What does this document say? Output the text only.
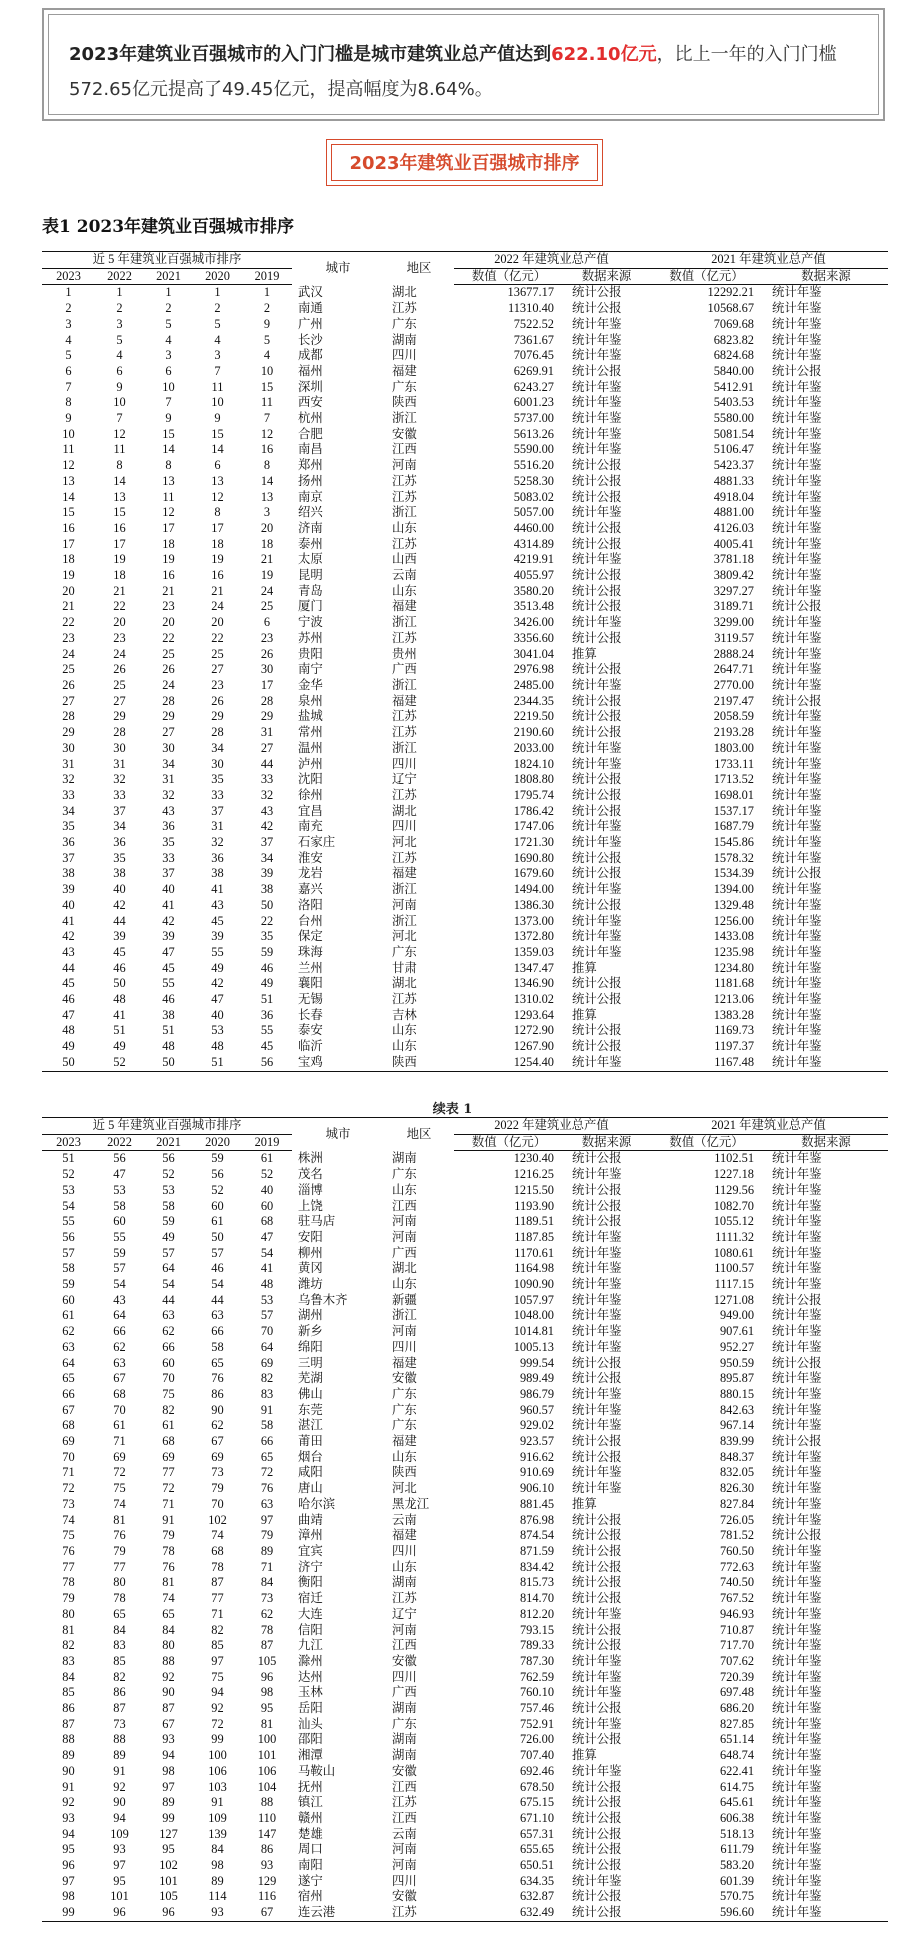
2023年建筑业百强城市的入门门槛是城市建筑业总产值达到622.10亿元，比上一年的入门门槛572.65亿元提高了49.45亿元，提高幅度为8.64%。
2023年建筑业百强城市排序
表1 2023年建筑业百强城市排序
近 5 年建筑业百强城市排序					城市	地区	2022 年建筑业总产值		2021 年建筑业总产值	
2023	2022	2021	2020	2019			数值（亿元）	数据来源	数值（亿元）	数据来源
1	1	1	1	1	武汉	湖北	13677.17	统计公报	12292.21	统计年鉴
2	2	2	2	2	南通	江苏	11310.40	统计公报	10568.67	统计年鉴
3	3	5	5	9	广州	广东	7522.52	统计年鉴	7069.68	统计年鉴
4	5	4	4	5	长沙	湖南	7361.67	统计年鉴	6823.82	统计年鉴
5	4	3	3	4	成都	四川	7076.45	统计年鉴	6824.68	统计年鉴
6	6	6	7	10	福州	福建	6269.91	统计公报	5840.00	统计公报
7	9	10	11	15	深圳	广东	6243.27	统计年鉴	5412.91	统计年鉴
8	10	7	10	11	西安	陕西	6001.23	统计年鉴	5403.53	统计年鉴
9	7	9	9	7	杭州	浙江	5737.00	统计年鉴	5580.00	统计年鉴
10	12	15	15	12	合肥	安徽	5613.26	统计年鉴	5081.54	统计年鉴
11	11	14	14	16	南昌	江西	5590.00	统计年鉴	5106.47	统计年鉴
12	8	8	6	8	郑州	河南	5516.20	统计公报	5423.37	统计年鉴
13	14	13	13	14	扬州	江苏	5258.30	统计公报	4881.33	统计年鉴
14	13	11	12	13	南京	江苏	5083.02	统计公报	4918.04	统计年鉴
15	15	12	8	3	绍兴	浙江	5057.00	统计年鉴	4881.00	统计年鉴
16	16	17	17	20	济南	山东	4460.00	统计公报	4126.03	统计年鉴
17	17	18	18	18	泰州	江苏	4314.89	统计公报	4005.41	统计年鉴
18	19	19	19	21	太原	山西	4219.91	统计年鉴	3781.18	统计年鉴
19	18	16	16	19	昆明	云南	4055.97	统计公报	3809.42	统计年鉴
20	21	21	21	24	青岛	山东	3580.20	统计公报	3297.27	统计年鉴
21	22	23	24	25	厦门	福建	3513.48	统计公报	3189.71	统计公报
22	20	20	20	6	宁波	浙江	3426.00	统计年鉴	3299.00	统计年鉴
23	23	22	22	23	苏州	江苏	3356.60	统计公报	3119.57	统计年鉴
24	24	25	25	26	贵阳	贵州	3041.04	推算	2888.24	统计年鉴
25	26	26	27	30	南宁	广西	2976.98	统计公报	2647.71	统计年鉴
26	25	24	23	17	金华	浙江	2485.00	统计年鉴	2770.00	统计年鉴
27	27	28	26	28	泉州	福建	2344.35	统计公报	2197.47	统计公报
28	29	29	29	29	盐城	江苏	2219.50	统计公报	2058.59	统计年鉴
29	28	27	28	31	常州	江苏	2190.60	统计公报	2193.28	统计年鉴
30	30	30	34	27	温州	浙江	2033.00	统计年鉴	1803.00	统计年鉴
31	31	34	30	44	泸州	四川	1824.10	统计年鉴	1733.11	统计年鉴
32	32	31	35	33	沈阳	辽宁	1808.80	统计公报	1713.52	统计年鉴
33	33	32	33	32	徐州	江苏	1795.74	统计公报	1698.01	统计年鉴
34	37	43	37	43	宜昌	湖北	1786.42	统计公报	1537.17	统计年鉴
35	34	36	31	42	南充	四川	1747.06	统计年鉴	1687.79	统计年鉴
36	36	35	32	37	石家庄	河北	1721.30	统计年鉴	1545.86	统计年鉴
37	35	33	36	34	淮安	江苏	1690.80	统计公报	1578.32	统计年鉴
38	38	37	38	39	龙岩	福建	1679.60	统计公报	1534.39	统计公报
39	40	40	41	38	嘉兴	浙江	1494.00	统计年鉴	1394.00	统计年鉴
40	42	41	43	50	洛阳	河南	1386.30	统计公报	1329.48	统计年鉴
41	44	42	45	22	台州	浙江	1373.00	统计年鉴	1256.00	统计年鉴
42	39	39	39	35	保定	河北	1372.80	统计年鉴	1433.08	统计年鉴
43	45	47	55	59	珠海	广东	1359.03	统计年鉴	1235.98	统计年鉴
44	46	45	49	46	兰州	甘肃	1347.47	推算	1234.80	统计年鉴
45	50	55	42	49	襄阳	湖北	1346.90	统计公报	1181.68	统计年鉴
46	48	46	47	51	无锡	江苏	1310.02	统计公报	1213.06	统计年鉴
47	41	38	40	36	长春	吉林	1293.64	推算	1383.28	统计年鉴
48	51	51	53	55	泰安	山东	1272.90	统计公报	1169.73	统计年鉴
49	49	48	48	45	临沂	山东	1267.90	统计公报	1197.37	统计年鉴
50	52	50	51	56	宝鸡	陕西	1254.40	统计年鉴	1167.48	统计年鉴
续表 1
近 5 年建筑业百强城市排序					城市	地区	2022 年建筑业总产值		2021 年建筑业总产值	
2023	2022	2021	2020	2019			数值（亿元）	数据来源	数值（亿元）	数据来源
51	56	56	59	61	株洲	湖南	1230.40	统计公报	1102.51	统计年鉴
52	47	52	56	52	茂名	广东	1216.25	统计年鉴	1227.18	统计年鉴
53	53	53	52	40	淄博	山东	1215.50	统计公报	1129.56	统计年鉴
54	58	58	60	60	上饶	江西	1193.90	统计公报	1082.70	统计年鉴
55	60	59	61	68	驻马店	河南	1189.51	统计公报	1055.12	统计年鉴
56	55	49	50	47	安阳	河南	1187.85	统计年鉴	1111.32	统计年鉴
57	59	57	57	54	柳州	广西	1170.61	统计年鉴	1080.61	统计年鉴
58	57	64	46	41	黄冈	湖北	1164.98	统计年鉴	1100.57	统计年鉴
59	54	54	54	48	潍坊	山东	1090.90	统计年鉴	1117.15	统计年鉴
60	43	44	44	53	乌鲁木齐	新疆	1057.97	统计年鉴	1271.08	统计公报
61	64	63	63	57	湖州	浙江	1048.00	统计年鉴	949.00	统计年鉴
62	66	62	66	70	新乡	河南	1014.81	统计年鉴	907.61	统计年鉴
63	62	66	58	64	绵阳	四川	1005.13	统计年鉴	952.27	统计年鉴
64	63	60	65	69	三明	福建	999.54	统计公报	950.59	统计公报
65	67	70	76	82	芜湖	安徽	989.49	统计公报	895.87	统计年鉴
66	68	75	86	83	佛山	广东	986.79	统计年鉴	880.15	统计年鉴
67	70	82	90	91	东莞	广东	960.57	统计年鉴	842.63	统计年鉴
68	61	61	62	58	湛江	广东	929.02	统计年鉴	967.14	统计年鉴
69	71	68	67	66	莆田	福建	923.57	统计公报	839.99	统计公报
70	69	69	69	65	烟台	山东	916.62	统计公报	848.37	统计年鉴
71	72	77	73	72	咸阳	陕西	910.69	统计年鉴	832.05	统计年鉴
72	75	72	79	76	唐山	河北	906.10	统计年鉴	826.30	统计年鉴
73	74	71	70	63	哈尔滨	黑龙江	881.45	推算	827.84	统计年鉴
74	81	91	102	97	曲靖	云南	876.98	统计公报	726.05	统计年鉴
75	76	79	74	79	漳州	福建	874.54	统计公报	781.52	统计公报
76	79	78	68	89	宜宾	四川	871.59	统计公报	760.50	统计年鉴
77	77	76	78	71	济宁	山东	834.42	统计公报	772.63	统计年鉴
78	80	81	87	84	衡阳	湖南	815.73	统计公报	740.50	统计年鉴
79	78	74	77	73	宿迁	江苏	814.70	统计公报	767.52	统计年鉴
80	65	65	71	62	大连	辽宁	812.20	统计年鉴	946.93	统计年鉴
81	84	84	82	78	信阳	河南	793.15	统计公报	710.87	统计年鉴
82	83	80	85	87	九江	江西	789.33	统计公报	717.70	统计年鉴
83	85	88	97	105	滁州	安徽	787.30	统计年鉴	707.62	统计年鉴
84	82	92	75	96	达州	四川	762.59	统计年鉴	720.39	统计年鉴
85	86	90	94	98	玉林	广西	760.10	统计年鉴	697.48	统计年鉴
86	87	87	92	95	岳阳	湖南	757.46	统计公报	686.20	统计年鉴
87	73	67	72	81	汕头	广东	752.91	统计年鉴	827.85	统计年鉴
88	88	93	99	100	邵阳	湖南	726.00	统计公报	651.14	统计年鉴
89	89	94	100	101	湘潭	湖南	707.40	推算	648.74	统计年鉴
90	91	98	106	106	马鞍山	安徽	692.46	统计年鉴	622.41	统计年鉴
91	92	97	103	104	抚州	江西	678.50	统计公报	614.75	统计年鉴
92	90	89	91	88	镇江	江苏	675.15	统计公报	645.61	统计年鉴
93	94	99	109	110	赣州	江西	671.10	统计公报	606.38	统计年鉴
94	109	127	139	147	楚雄	云南	657.31	统计公报	518.13	统计年鉴
95	93	95	84	86	周口	河南	655.65	统计公报	611.79	统计年鉴
96	97	102	98	93	南阳	河南	650.51	统计公报	583.20	统计年鉴
97	95	101	89	129	遂宁	四川	634.35	统计年鉴	601.39	统计年鉴
98	101	105	114	116	宿州	安徽	632.87	统计公报	570.75	统计年鉴
99	96	96	93	67	连云港	江苏	632.49	统计公报	596.60	统计年鉴
